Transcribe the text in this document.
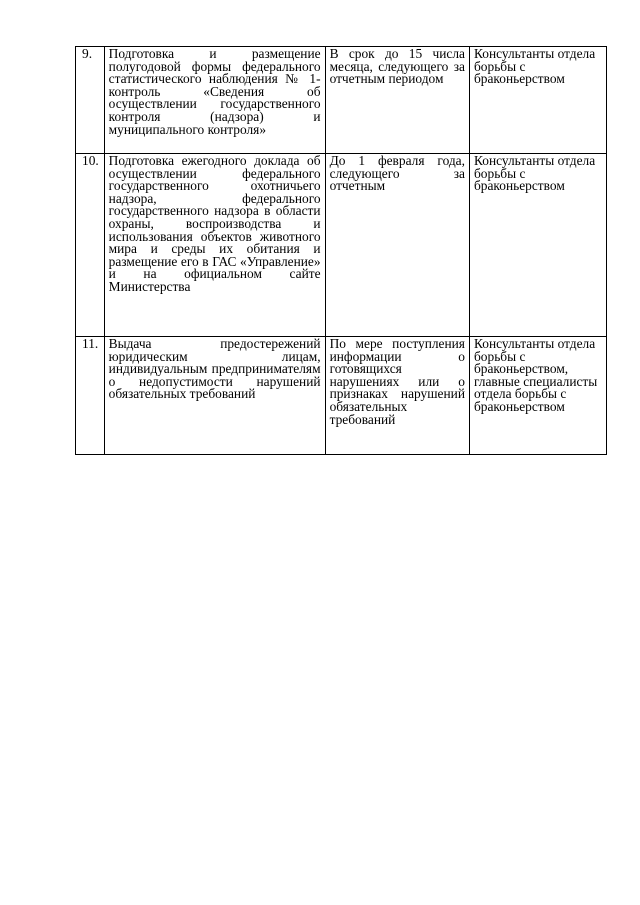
9.	Подготовка и размещение полугодовой формы федерального статистического наблюдения № 1-контроль «Сведения об осуществлении государственного контроля (надзора) и муниципального контроля»	В срок до 15 числа месяца, следующего за отчетным периодом	Консультанты отдела борьбы с браконьерством
10.	Подготовка ежегодного доклада об осуществлении федерального государственного охотничьего надзора, федерального государственного надзора в области охраны, воспроизводства и использования объектов животного мира и среды их обитания и размещение его в ГАС «Управление» и на официальном сайте Министерства	До 1 февраля года, следующего за отчетным	Консультанты отдела борьбы с браконьерством
11.	Выдача предостережений юридическим лицам, индивидуальным предпринимателям о недопустимости нарушений обязательных требований	По мере поступления информации о готовящихся нарушениях или о признаках нарушений обязательных требований	Консультанты отдела борьбы с браконьерством, главные специалисты отдела борьбы с браконьерством
